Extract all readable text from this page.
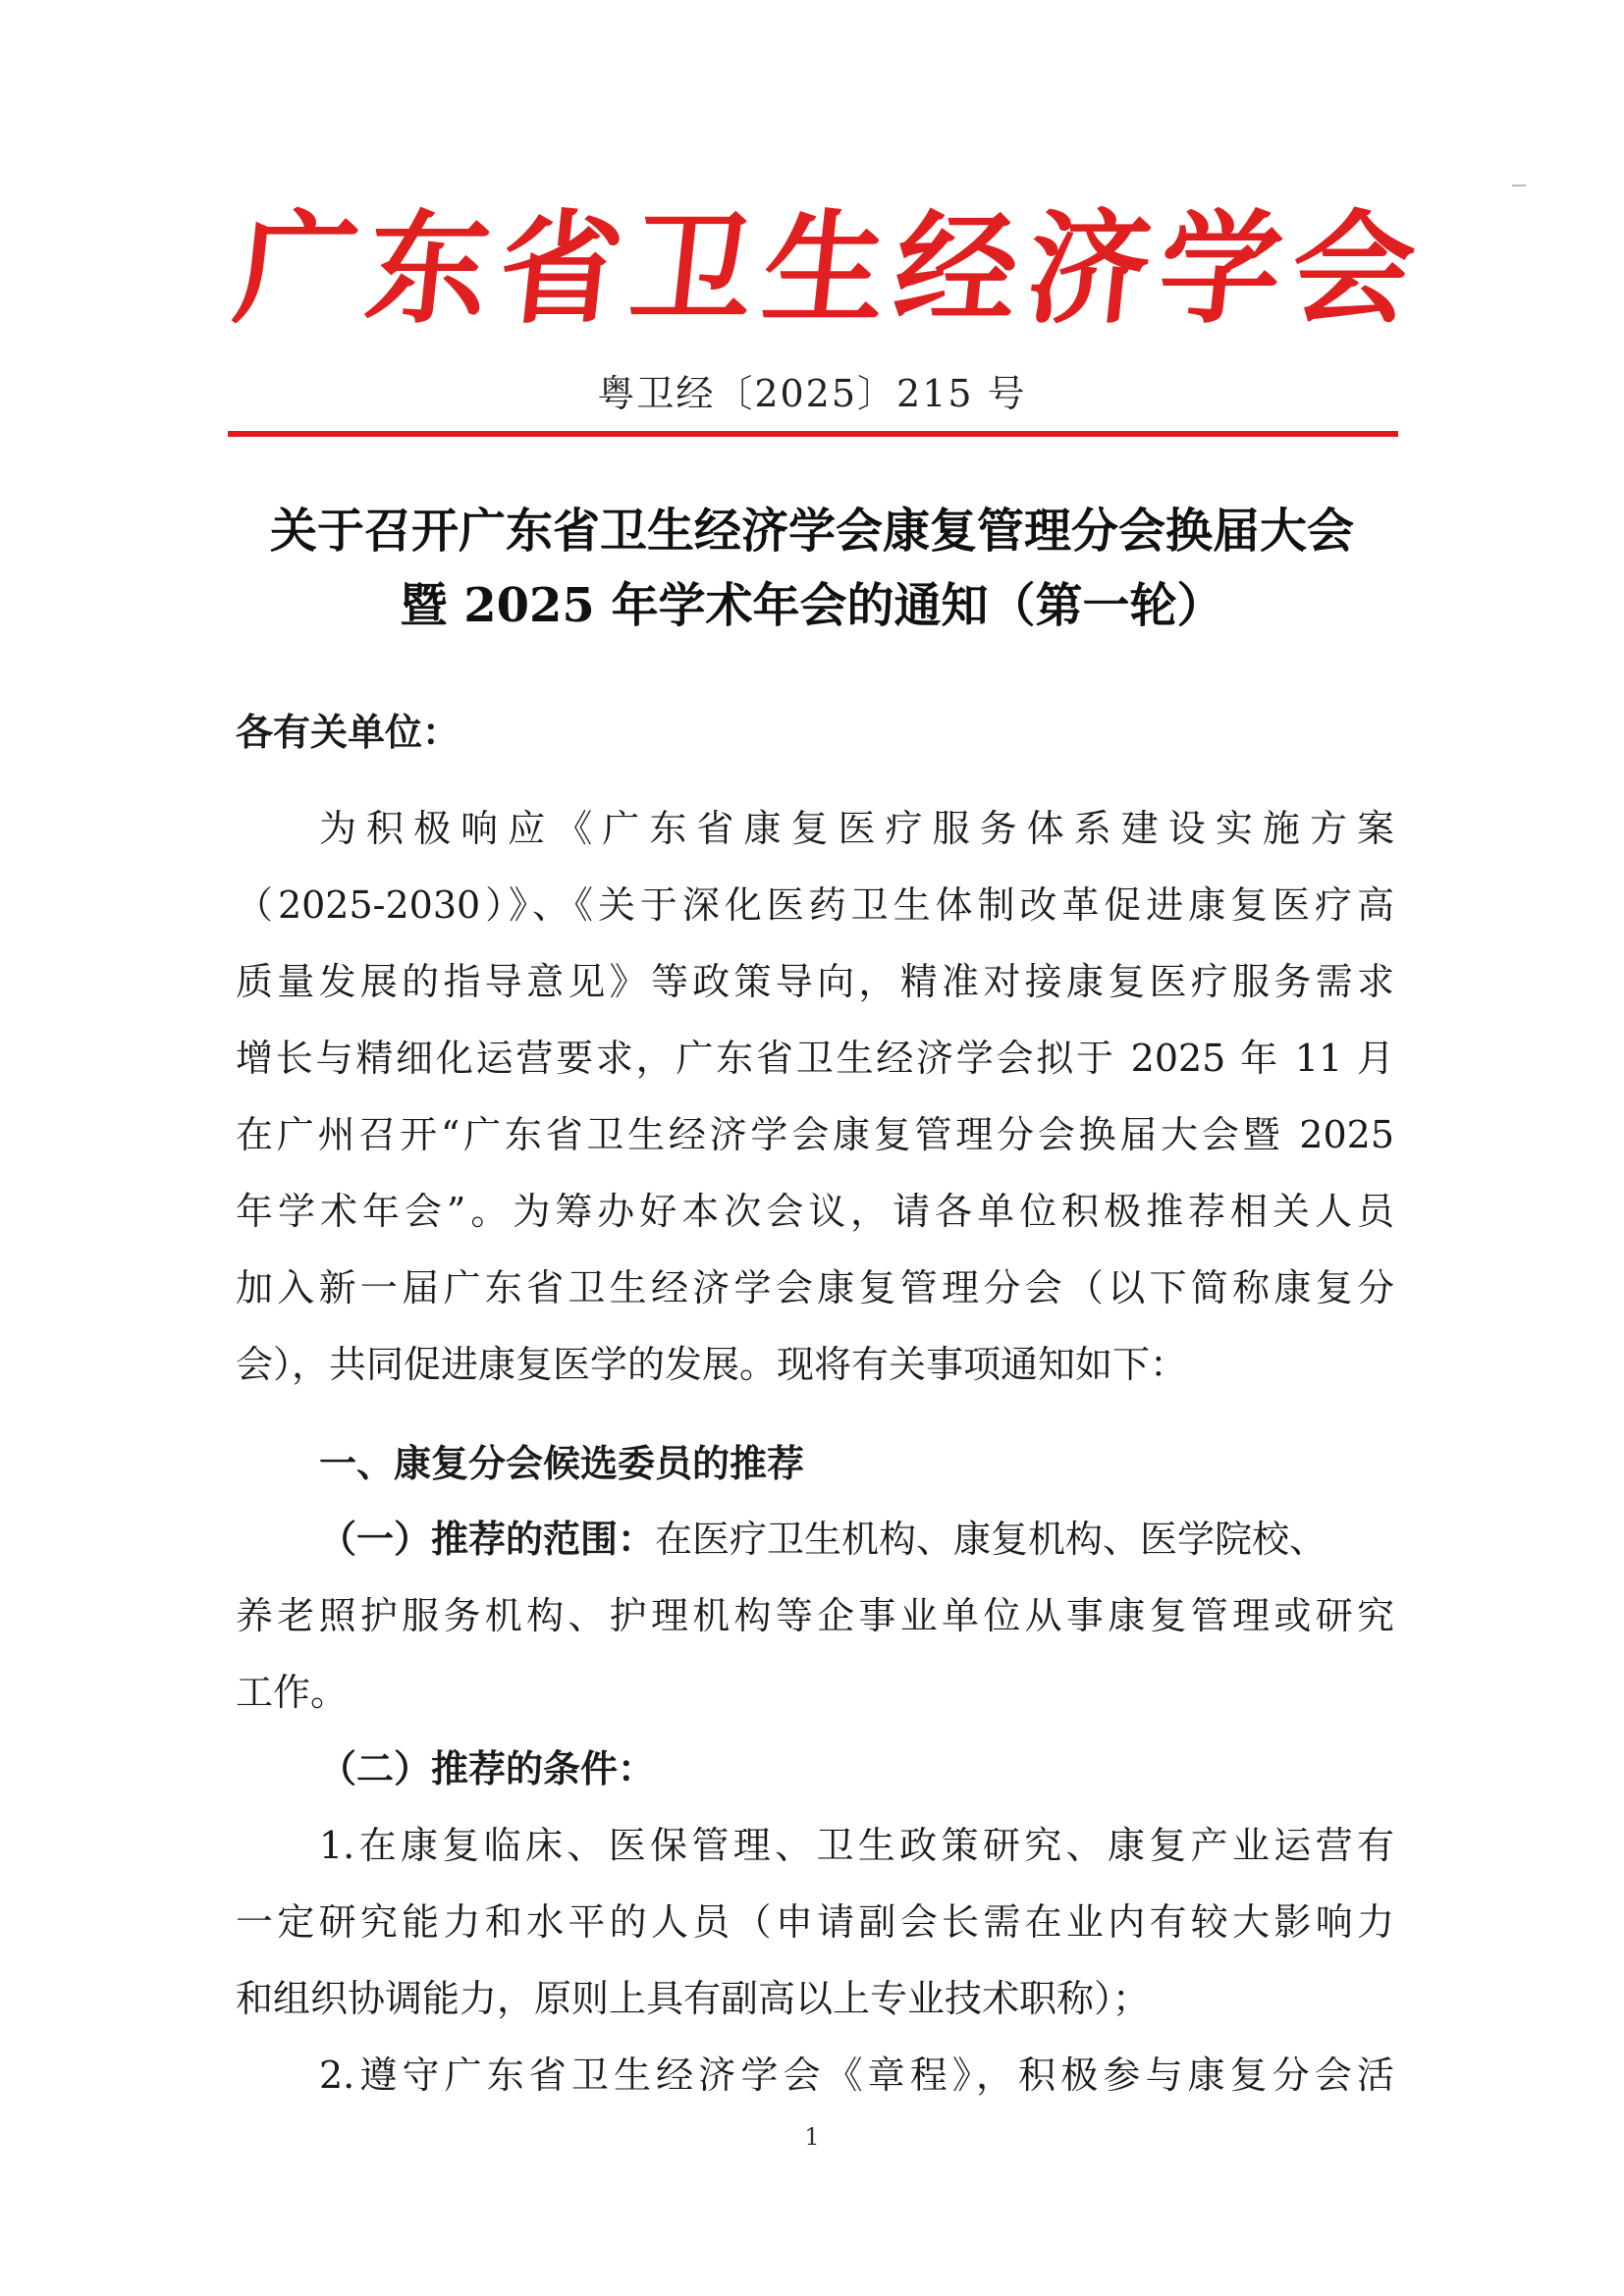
广
东
省
卫
生
经
济
学
会
粤卫经〔2025〕215 号
关于召开广东省卫生经济学会康复管理分会换届大会
暨 2025 年学术年会的通知（第一轮）
各有关单位：
为积极响应《广东省康复医疗服务体系建设实施方案
（2025-2030）》、《关于深化医药卫生体制改革促进康复医疗高
质量发展的指导意见》等政策导向，精准对接康复医疗服务需求
增长与精细化运营要求，广东省卫生经济学会拟于 2025 年 11 月
在广州召开“广东省卫生经济学会康复管理分会换届大会暨 2025
年学术年会”。为筹办好本次会议，请各单位积极推荐相关人员
加入新一届广东省卫生经济学会康复管理分会（以下简称康复分
会），共同促进康复医学的发展。现将有关事项通知如下：
一、康复分会候选委员的推荐
（一）推荐的范围：在医疗卫生机构、康复机构、医学院校、
养老照护服务机构、护理机构等企事业单位从事康复管理或研究
工作。
（二）推荐的条件：
1.在康复临床、医保管理、卫生政策研究、康复产业运营有
一定研究能力和水平的人员（申请副会长需在业内有较大影响力
和组织协调能力，原则上具有副高以上专业技术职称）；
2.遵守广东省卫生经济学会《章程》，积极参与康复分会活
1
